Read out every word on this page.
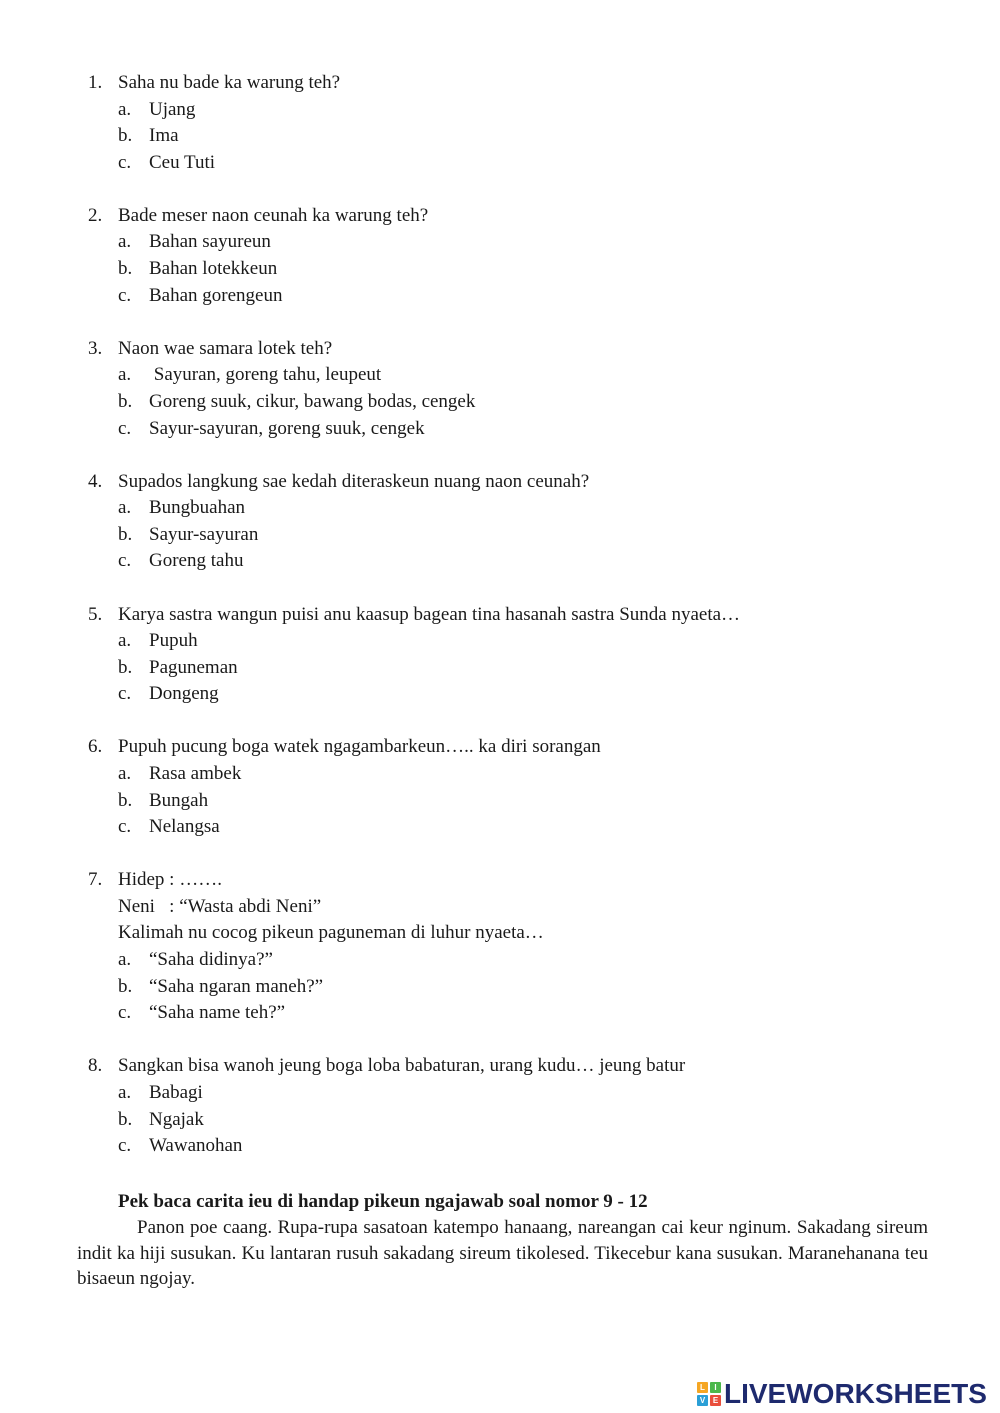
1. Saha nu bade ka warung teh?
a. Ujang
b. Ima
c. Ceu Tuti
2. Bade meser naon ceunah ka warung teh?
a. Bahan sayureun
b. Bahan lotekkeun
c. Bahan gorengeun
3. Naon wae samara lotek teh?
a. Sayuran, goreng tahu, leupeut
b. Goreng suuk, cikur, bawang bodas, cengek
c. Sayur-sayuran, goreng suuk, cengek
4. Supados langkung sae kedah diteraskeun nuang naon ceunah?
a. Bungbuahan
b. Sayur-sayuran
c. Goreng tahu
5. Karya sastra wangun puisi anu kaasup bagean tina hasanah sastra Sunda nyaeta…
a. Pupuh
b. Paguneman
c. Dongeng
6. Pupuh pucung boga watek ngagambarkeun….. ka diri sorangan
a. Rasa ambek
b. Bungah
c. Nelangsa
7. Hidep : …….
Neni   : “Wasta abdi Neni”
Kalimah nu cocog pikeun paguneman di luhur nyaeta…
a. “Saha didinya?”
b. “Saha ngaran maneh?”
c. “Saha name teh?”
8. Sangkan bisa wanoh jeung boga loba babaturan, urang kudu… jeung batur
a. Babagi
b. Ngajak
c. Wawanohan
Pek baca carita ieu di handap pikeun ngajawab soal nomor 9 - 12
Panon poe caang. Rupa-rupa sasatoan katempo hanaang, nareangan cai keur nginum. Sakadang sireum indit ka hiji susukan. Ku lantaran rusuh sakadang sireum tikolesed. Tikecebur kana susukan. Maranehanana teu bisaeun ngojay.
L	I
V E LIVEWORKSHEETS
